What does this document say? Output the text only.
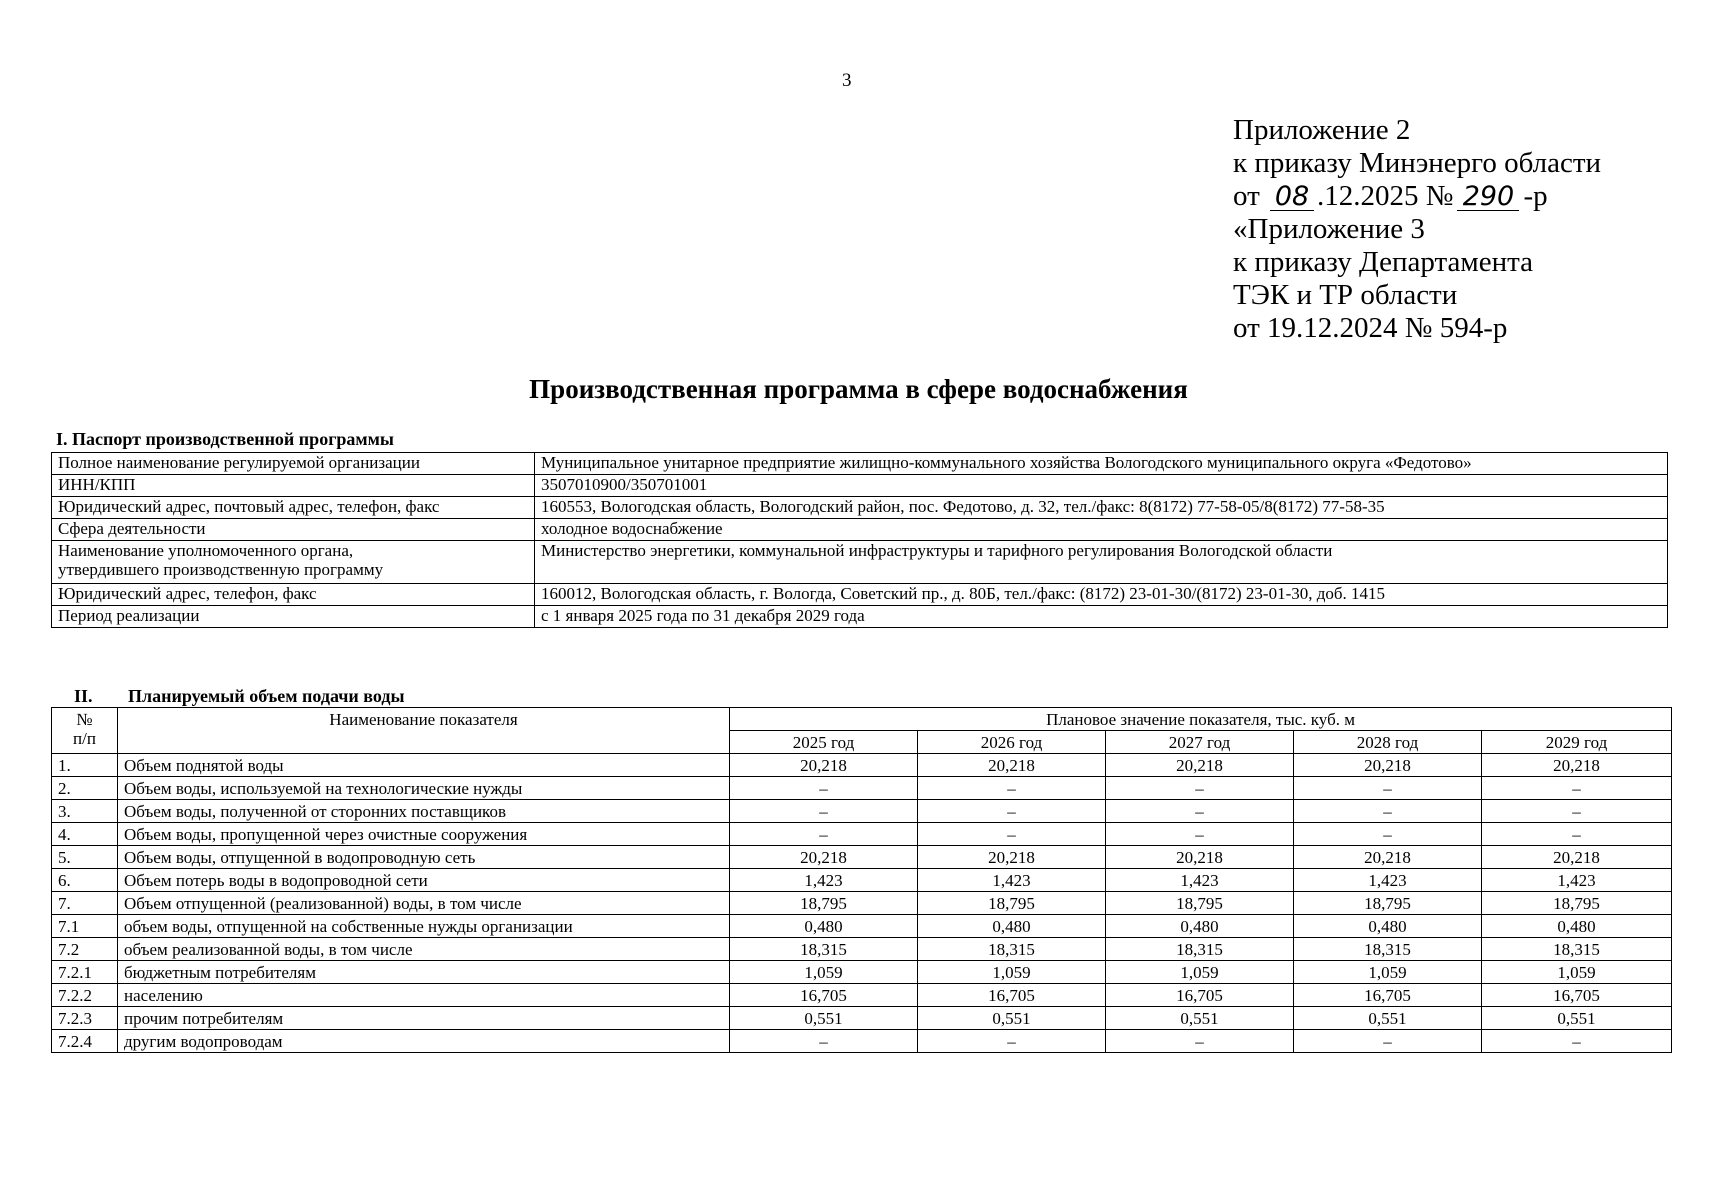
3
Приложение 2
к приказу Минэнерго области
от 08 .12.2025 № 290 -р
«Приложение 3
к приказу Департамента
ТЭК и ТР области
от 19.12.2024 № 594-р
Производственная программа в сфере водоснабжения
I. Паспорт производственной программы
Полное наименование регулируемой организации	Муниципальное унитарное предприятие жилищно-коммунального хозяйства Вологодского муниципального округа «Федотово»
ИНН/КПП	3507010900/350701001
Юридический адрес, почтовый адрес, телефон, факс	160553, Вологодская область, Вологодский район, пос. Федотово, д. 32, тел./факс: 8(8172) 77-58-05/8(8172) 77-58-35
Сфера деятельности	холодное водоснабжение

Наименование уполномоченного органа,
утвердившего производственную программу	Министерство энергетики, коммунальной инфраструктуры и тарифного регулирования Вологодской области
Юридический адрес, телефон, факс	160012, Вологодская область, г. Вологда, Советский пр., д. 80Б, тел./факс: (8172) 23-01-30/(8172) 23-01-30, доб. 1415
Период реализации	с 1 января 2025 года по 31 декабря 2029 года
II. Планируемый объем подачи воды
№
п/п	Наименование показателя	Плановое значение показателя, тыс. куб. м				
		2025 год	2026 год	2027 год	2028 год	2029 год
1.	Объем поднятой воды	20,218	20,218	20,218	20,218	20,218
2.	Объем воды, используемой на технологические нужды	–	–	–	–	–
3.	Объем воды, полученной от сторонних поставщиков	–	–	–	–	–
4.	Объем воды, пропущенной через очистные сооружения	–	–	–	–	–
5.	Объем воды, отпущенной в водопроводную сеть	20,218	20,218	20,218	20,218	20,218
6.	Объем потерь воды в водопроводной сети	1,423	1,423	1,423	1,423	1,423
7.	Объем отпущенной (реализованной) воды, в том числе	18,795	18,795	18,795	18,795	18,795
7.1	объем воды, отпущенной на собственные нужды организации	0,480	0,480	0,480	0,480	0,480
7.2	объем реализованной воды, в том числе	18,315	18,315	18,315	18,315	18,315
7.2.1	бюджетным потребителям	1,059	1,059	1,059	1,059	1,059
7.2.2	населению	16,705	16,705	16,705	16,705	16,705
7.2.3	прочим потребителям	0,551	0,551	0,551	0,551	0,551
7.2.4	другим водопроводам	–	–	–	–	–
